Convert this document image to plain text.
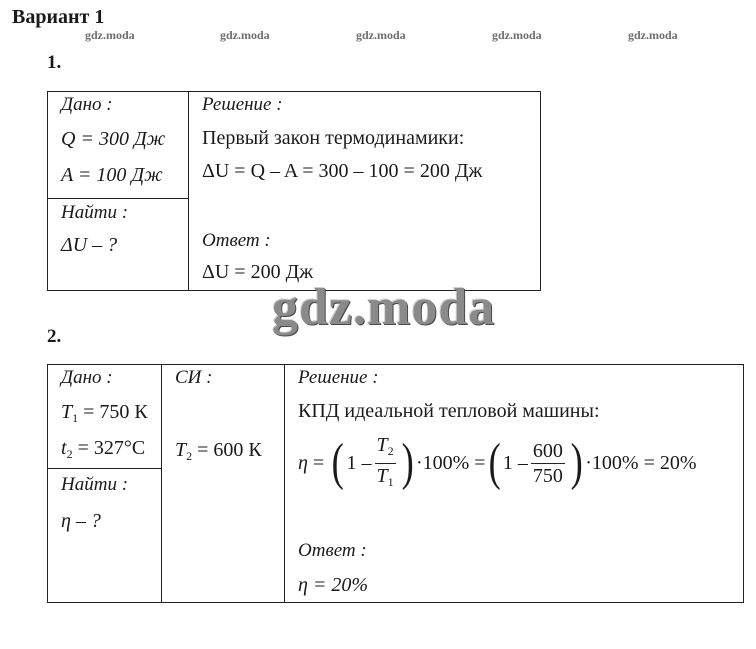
Вариант 1
gdz.moda	gdz.moda	gdz.moda	gdz.moda	gdz.moda
1.
Дано :
Q = 300 Дж
A = 100 Дж
Найти :
ΔU – ?
Решение :
Первый закон термодинамики:
ΔU = Q – A = 300 – 100 = 200 Дж
Ответ :
ΔU = 200 Дж
gdz.moda
2.
Дано :
$T_1 = 750$ К
$t_2 = 327^\circ C$
Найти :
η – ?
СИ :
$T_2 = 600$ К
Решение :
КПД идеальной тепловой машины:
η = ( $1 - \frac{T_2}{T_1}$ ) ·100% = ( $1 - \frac{600}{750}$ ) ·100% = 20%
Ответ :
η = 20%
